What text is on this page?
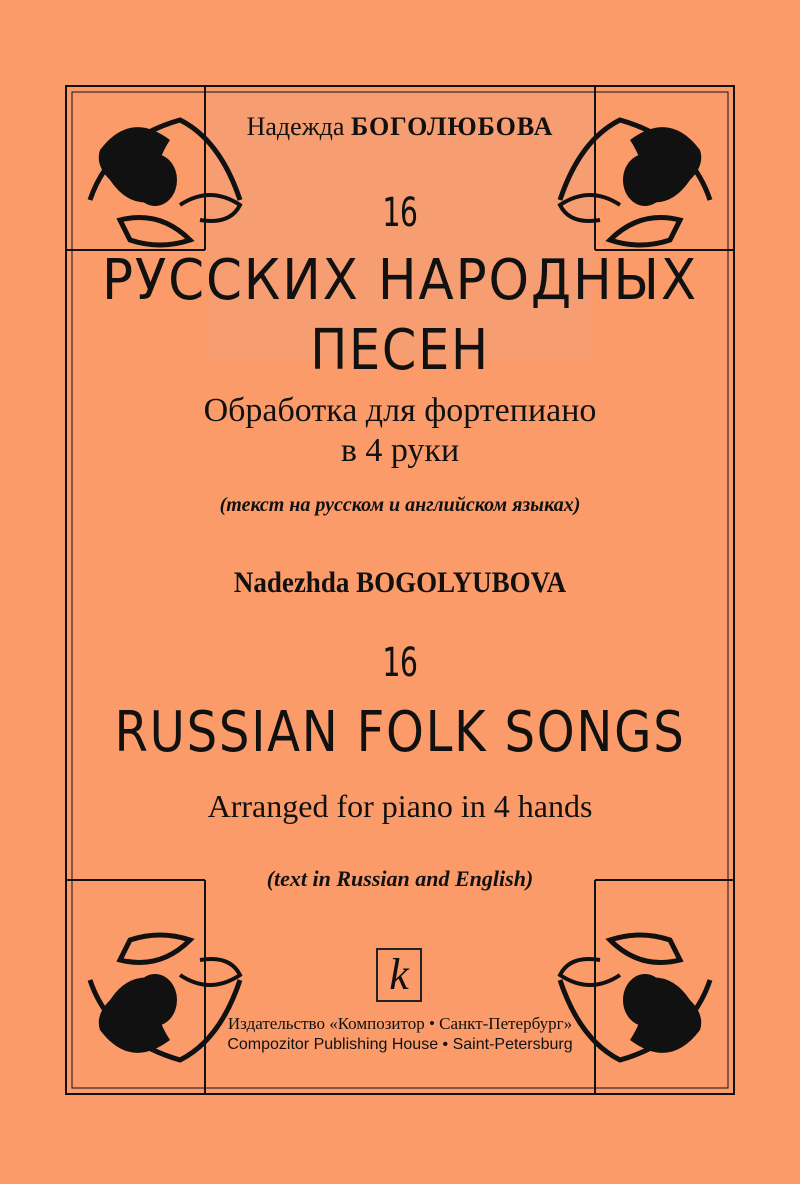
Надежда БОГОЛЮБОВА
16
РУССКИХ НАРОДНЫХ
ПЕСЕН
Обработка для фортепиано
в 4 руки
(текст на русском и английском языках)
Nadezhda BOGOLYUBOVA
16
RUSSIAN FOLK SONGS
Arranged for piano in 4 hands
(text in Russian and English)
k
Издательство «Композитор • Санкт-Петербург»
Compozitor Publishing House • Saint-Petersburg
